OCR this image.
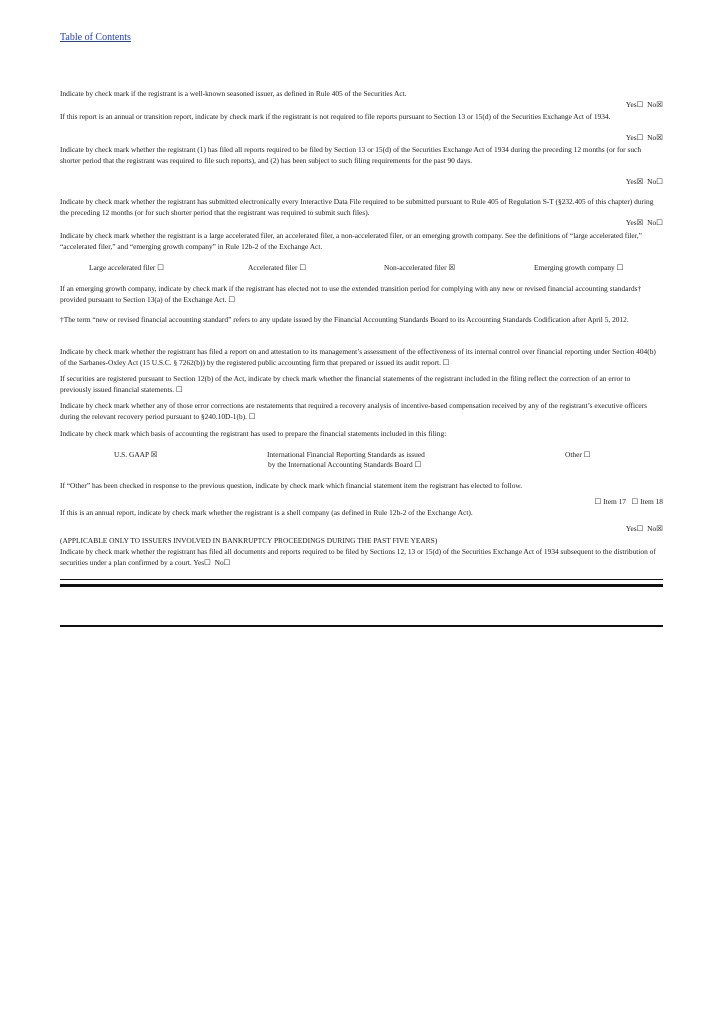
Table of Contents
Indicate by check mark if the registrant is a well-known seasoned issuer, as defined in Rule 405 of the Securities Act.
Yes☐ No☒
If this report is an annual or transition report, indicate by check mark if the registrant is not required to file reports pursuant to Section 13 or 15(d) of the Securities Exchange Act of 1934.
Yes☐ No☒
Indicate by check mark whether the registrant (1) has filed all reports required to be filed by Section 13 or 15(d) of the Securities Exchange Act of 1934 during the preceding 12 months (or for such shorter period that the registrant was required to file such reports), and (2) has been subject to such filing requirements for the past 90 days.
Yes☒ No☐
Indicate by check mark whether the registrant has submitted electronically every Interactive Data File required to be submitted pursuant to Rule 405 of Regulation S-T (§232.405 of this chapter) during the preceding 12 months (or for such shorter period that the registrant was required to submit such files).
Yes☒ No☐
Indicate by check mark whether the registrant is a large accelerated filer, an accelerated filer, a non-accelerated filer, or an emerging growth company. See the definitions of “large accelerated filer,” “accelerated filer,” and “emerging growth company” in Rule 12b-2 of the Exchange Act.
Large accelerated filer ☐	Accelerated filer ☐	Non-accelerated filer ☒	Emerging growth company ☐
If an emerging growth company, indicate by check mark if the registrant has elected not to use the extended transition period for complying with any new or revised financial accounting standards† provided pursuant to Section 13(a) of the Exchange Act. ☐
†The term “new or revised financial accounting standard” refers to any update issued by the Financial Accounting Standards Board to its Accounting Standards Codification after April 5, 2012.
Indicate by check mark whether the registrant has filed a report on and attestation to its management’s assessment of the effectiveness of its internal control over financial reporting under Section 404(b) of the Sarbanes-Oxley Act (15 U.S.C. § 7262(b)) by the registered public accounting firm that prepared or issued its audit report. ☐
If securities are registered pursuant to Section 12(b) of the Act, indicate by check mark whether the financial statements of the registrant included in the filing reflect the correction of an error to previously issued financial statements. ☐
Indicate by check mark whether any of those error corrections are restatements that required a recovery analysis of incentive-based compensation received by any of the registrant’s executive officers during the relevant recovery period pursuant to §240.10D-1(b). ☐
Indicate by check mark which basis of accounting the registrant has used to prepare the financial statements included in this filing:
U.S. GAAP ☒	International Financial Reporting Standards as issued
by the International Accounting Standards Board ☐
Other ☐
If “Other” has been checked in response to the previous question, indicate by check mark which financial statement item the registrant has elected to follow.
☐ Item 17 ☐ Item 18
If this is an annual report, indicate by check mark whether the registrant is a shell company (as defined in Rule 12b-2 of the Exchange Act).
Yes☐ No☒
(APPLICABLE ONLY TO ISSUERS INVOLVED IN BANKRUPTCY PROCEEDINGS DURING THE PAST FIVE YEARS)
Indicate by check mark whether the registrant has filed all documents and reports required to be filed by Sections 12, 13 or 15(d) of the Securities Exchange Act of 1934 subsequent to the distribution of securities under a plan confirmed by a court. Yes☐ No☐
